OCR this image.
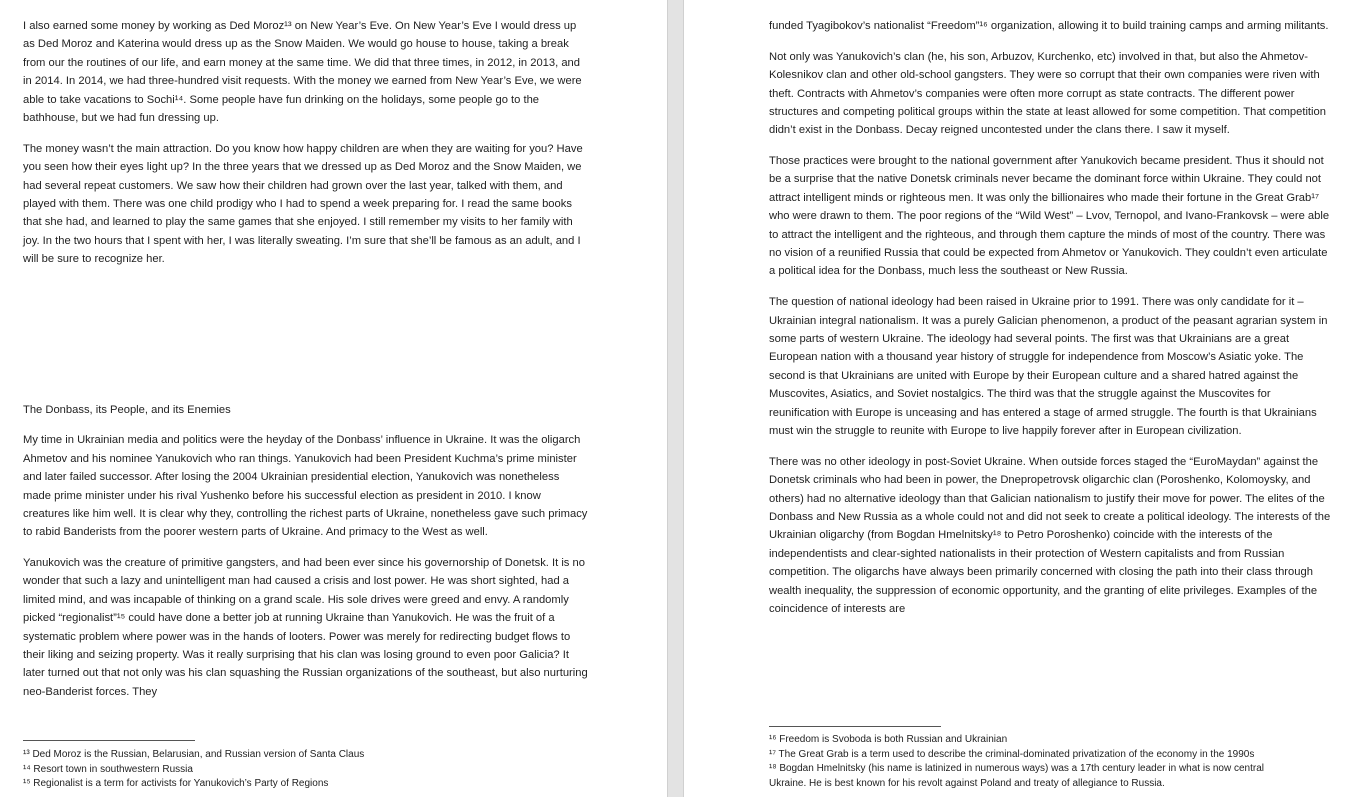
I also earned some money by working as Ded Moroz¹³ on New Year’s Eve. On New Year’s Eve I would dress up as Ded Moroz and Katerina would dress up as the Snow Maiden. We would go house to house, taking a break from our the routines of our life, and earn money at the same time. We did that three times, in 2012, in 2013, and in 2014. In 2014, we had three-hundred visit requests. With the money we earned from New Year’s Eve, we were able to take vacations to Sochi¹⁴. Some people have fun drinking on the holidays, some people go to the bathhouse, but we had fun dressing up.

The money wasn’t the main attraction. Do you know how happy children are when they are waiting for you? Have you seen how their eyes light up? In the three years that we dressed up as Ded Moroz and the Snow Maiden, we had several repeat customers. We saw how their children had grown over the last year, talked with them, and played with them. There was one child prodigy who I had to spend a week preparing for. I read the same books that she had, and learned to play the same games that she enjoyed. I still remember my visits to her family with joy. In the two hours that I spent with her, I was literally sweating. I’m sure that she’ll be famous as an adult, and I will be sure to recognize her.

The Donbass, its People, and its Enemies

My time in Ukrainian media and politics were the heyday of the Donbass’ influence in Ukraine. It was the oligarch Ahmetov and his nominee Yanukovich who ran things. Yanukovich had been President Kuchma’s prime minister and later failed successor. After losing the 2004 Ukrainian presidential election, Yanukovich was nonetheless made prime minister under his rival Yushenko before his successful election as president in 2010. I know creatures like him well. It is clear why they, controlling the richest parts of Ukraine, nonetheless gave such primacy to rabid Banderists from the poorer western parts of Ukraine. And primacy to the West as well.

Yanukovich was the creature of primitive gangsters, and had been ever since his governorship of Donetsk. It is no wonder that such a lazy and unintelligent man had caused a crisis and lost power. He was short sighted, had a limited mind, and was incapable of thinking on a grand scale. His sole drives were greed and envy. A randomly picked “regionalist”¹⁵ could have done a better job at running Ukraine than Yanukovich. He was the fruit of a systematic problem where power was in the hands of looters. Power was merely for redirecting budget flows to their liking and seizing property. Was it really surprising that his clan was losing ground to even poor Galicia? It later turned out that not only was his clan squashing the Russian organizations of the southeast, but also nurturing neo-Banderist forces. They

¹³ Ded Moroz is the Russian, Belarusian, and Russian version of Santa Claus
¹⁴ Resort town in southwestern Russia
¹⁵ Regionalist is a term for activists for Yanukovich’s Party of Regions

funded Tyagibokov’s nationalist “Freedom”¹⁶ organization, allowing it to build training camps and arming militants.

Not only was Yanukovich’s clan (he, his son, Arbuzov, Kurchenko, etc) involved in that, but also the Ahmetov-Kolesnikov clan and other old-school gangsters. They were so corrupt that their own companies were riven with theft. Contracts with Ahmetov’s companies were often more corrupt as state contracts. The different power structures and competing political groups within the state at least allowed for some competition. That competition didn’t exist in the Donbass. Decay reigned uncontested under the clans there. I saw it myself.

Those practices were brought to the national government after Yanukovich became president. Thus it should not be a surprise that the native Donetsk criminals never became the dominant force within Ukraine. They could not attract intelligent minds or righteous men. It was only the billionaires who made their fortune in the Great Grab¹⁷ who were drawn to them. The poor regions of the “Wild West” – Lvov, Ternopol, and Ivano-Frankovsk – were able to attract the intelligent and the righteous, and through them capture the minds of most of the country. There was no vision of a reunified Russia that could be expected from Ahmetov or Yanukovich. They couldn’t even articulate a political idea for the Donbass, much less the southeast or New Russia.

The question of national ideology had been raised in Ukraine prior to 1991. There was only candidate for it – Ukrainian integral nationalism. It was a purely Galician phenomenon, a product of the peasant agrarian system in some parts of western Ukraine. The ideology had several points. The first was that Ukrainians are a great European nation with a thousand year history of struggle for independence from Moscow’s Asiatic yoke. The second is that Ukrainians are united with Europe by their European culture and a shared hatred against the Muscovites, Asiatics, and Soviet nostalgics. The third was that the struggle against the Muscovites for reunification with Europe is unceasing and has entered a stage of armed struggle. The fourth is that Ukrainians must win the struggle to reunite with Europe to live happily forever after in European civilization.

There was no other ideology in post-Soviet Ukraine. When outside forces staged the “EuroMaydan” against the Donetsk criminals who had been in power, the Dnepropetrovsk oligarchic clan (Poroshenko, Kolomoysky, and others) had no alternative ideology than that Galician nationalism to justify their move for power. The elites of the Donbass and New Russia as a whole could not and did not seek to create a political ideology. The interests of the Ukrainian oligarchy (from Bogdan Hmelnitsky¹⁸ to Petro Poroshenko) coincide with the interests of the independentists and clear-sighted nationalists in their protection of Western capitalists and from Russian competition. The oligarchs have always been primarily concerned with closing the path into their class through wealth inequality, the suppression of economic opportunity, and the granting of elite privileges. Examples of the coincidence of interests are

¹⁶ Freedom is Svoboda is both Russian and Ukrainian
¹⁷ The Great Grab is a term used to describe the criminal-dominated privatization of the economy in the 1990s
¹⁸ Bogdan Hmelnitsky (his name is latinized in numerous ways) was a 17th century leader in what is now central
Ukraine. He is best known for his revolt against Poland and treaty of allegiance to Russia.
